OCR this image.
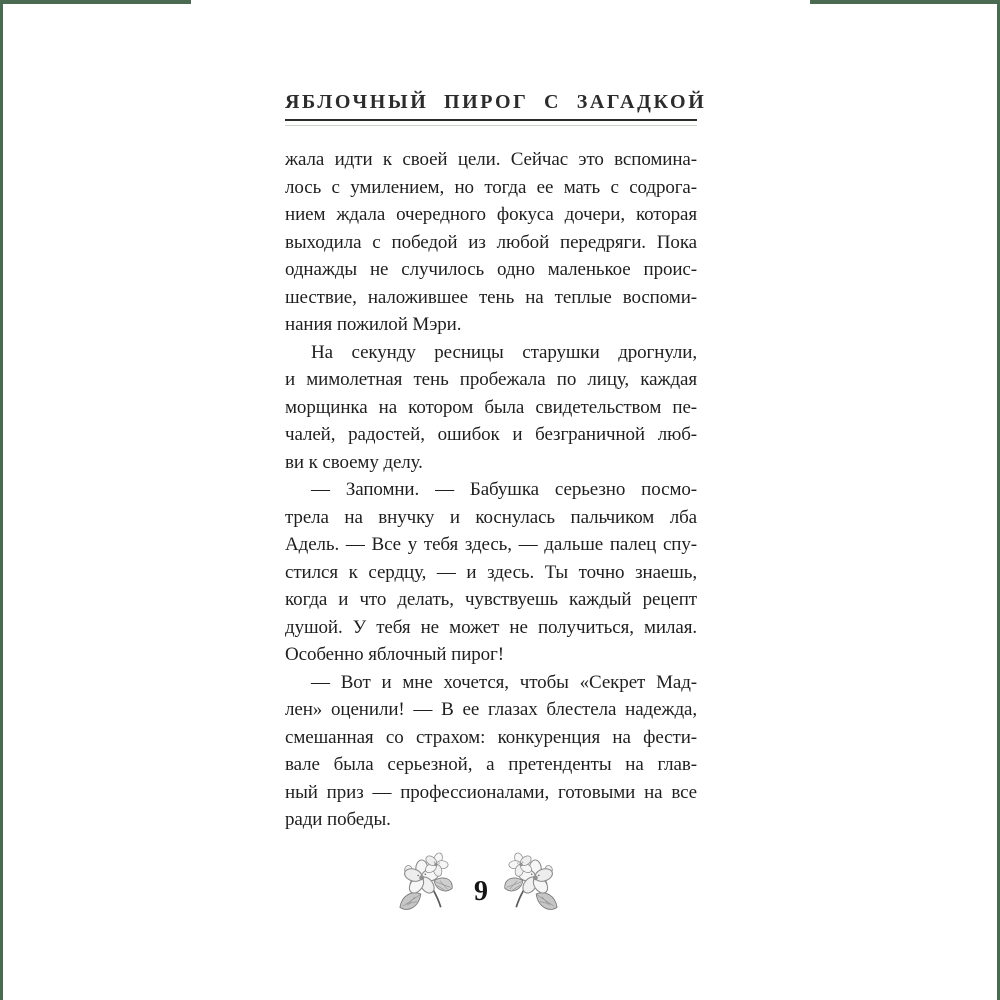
ЯБЛОЧНЫЙ ПИРОГ С ЗАГАДКОЙ
жала идти к своей цели. Сейчас это вспомина-
лось с умилением, но тогда ее мать с содрога-
нием ждала очередного фокуса дочери, которая
выходила с победой из любой передряги. Пока
однажды не случилось одно маленькое проис-
шествие, наложившее тень на теплые воспоми-
нания пожилой Мэри.
На секунду ресницы старушки дрогнули,
и мимолетная тень пробежала по лицу, каждая
морщинка на котором была свидетельством пе-
чалей, радостей, ошибок и безграничной люб-
ви к своему делу.
— Запомни. — Бабушка серьезно посмо-
трела на внучку и коснулась пальчиком лба
Адель. — Все у тебя здесь, — дальше палец спу-
стился к сердцу, — и здесь. Ты точно знаешь,
когда и что делать, чувствуешь каждый рецепт
душой. У тебя не может не получиться, милая.
Особенно яблочный пирог!
— Вот и мне хочется, чтобы «Секрет Мад-
лен» оценили! — В ее глазах блестела надежда,
смешанная со страхом: конкуренция на фести-
вале была серьезной, а претенденты на глав-
ный приз — профессионалами, готовыми на все
ради победы.
9
